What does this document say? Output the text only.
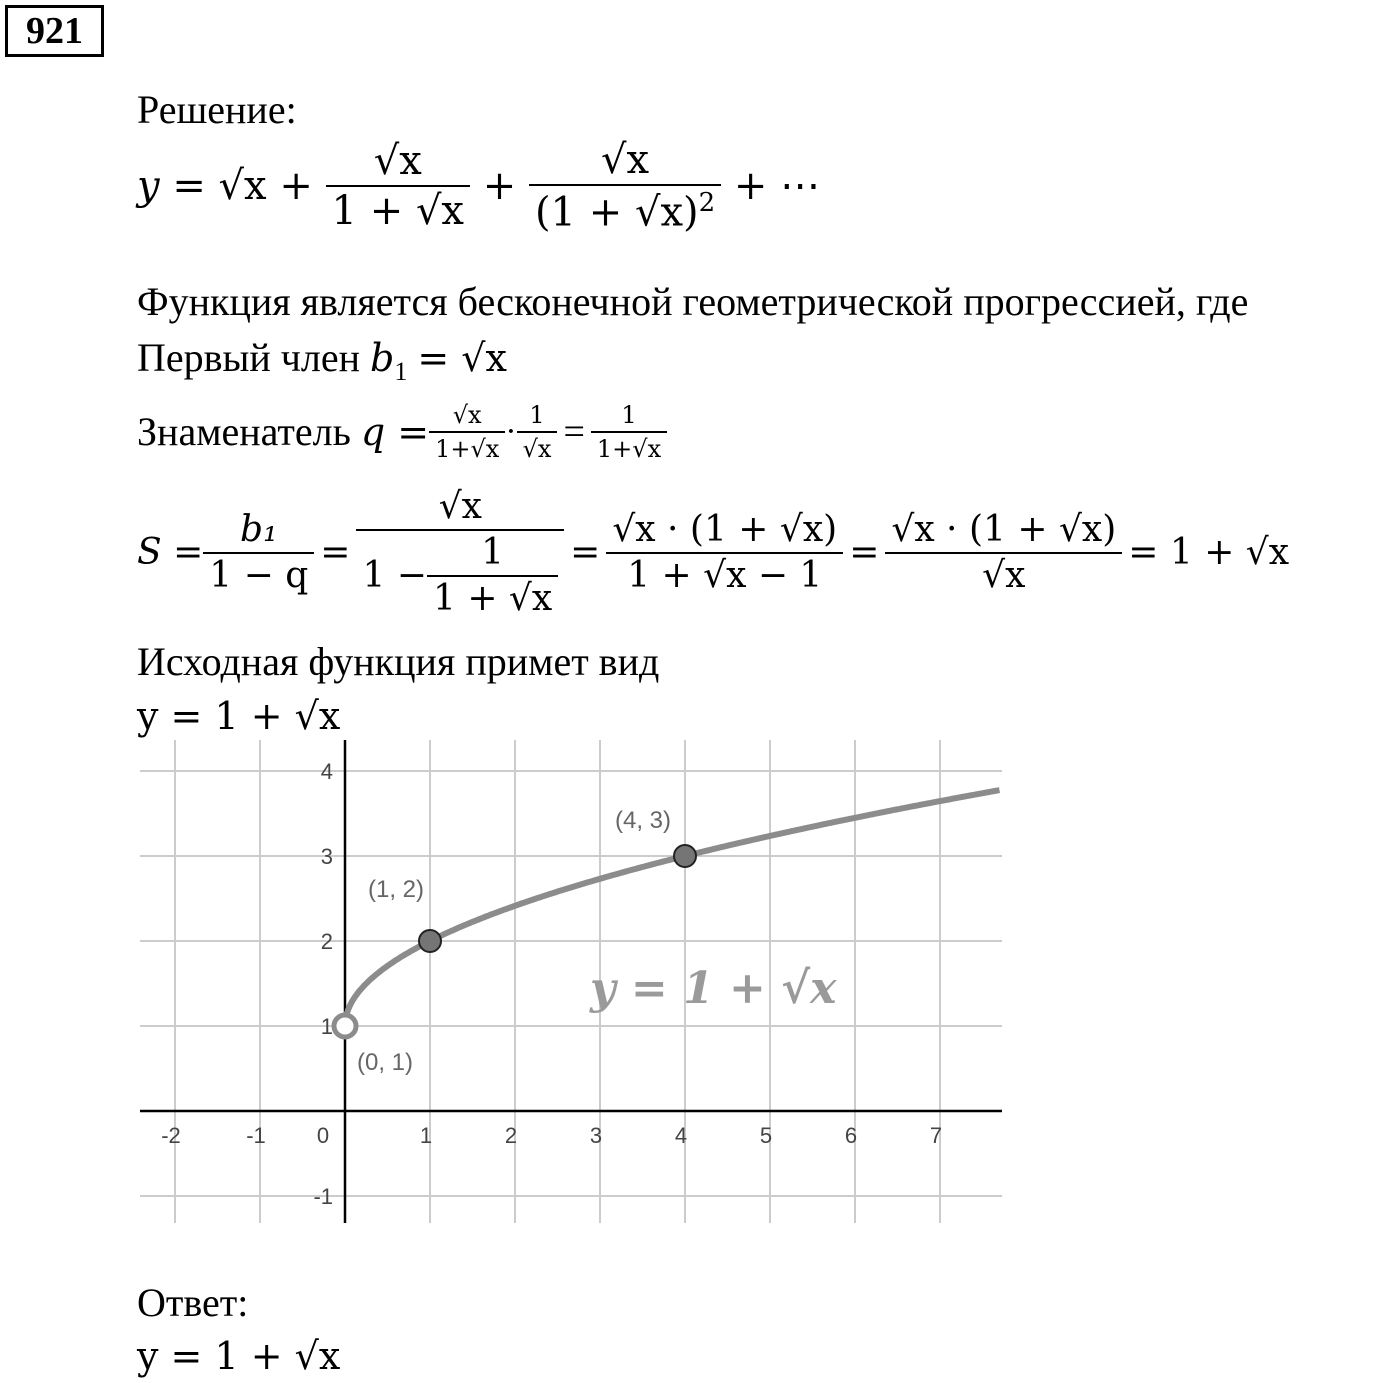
921
Решение:
$y = √x + \frac{√x}{1 + √x} + \frac{√x}{(1 + √x)^2}$ + ⋯
Функция является бесконечной геометрической прогрессией, где
Первый член $b_1 = √x$
Знаменатель
$q = \frac{√x}{1+√x} \cdot \frac{1}{√x} = \frac{1}{1+√x}$
$S = \frac{\text{b₁}}{1 - q} = \frac{√x}{1 - \frac{1}{1 + √x}} = \frac{√x \cdot (1 + √x)}{1 + √x - 1} = \frac{√x \cdot (1 + √x)}{√x} = 1 + √x$
Исходная функция примет вид
y = 1 + √x
-2	-1 0	1	2	3	4	5	6	7
4
3
2
1
-1
(0, 1)
(1, 2)
(4, 3)
y = 1 + √x
Ответ:
y = 1 + √x
